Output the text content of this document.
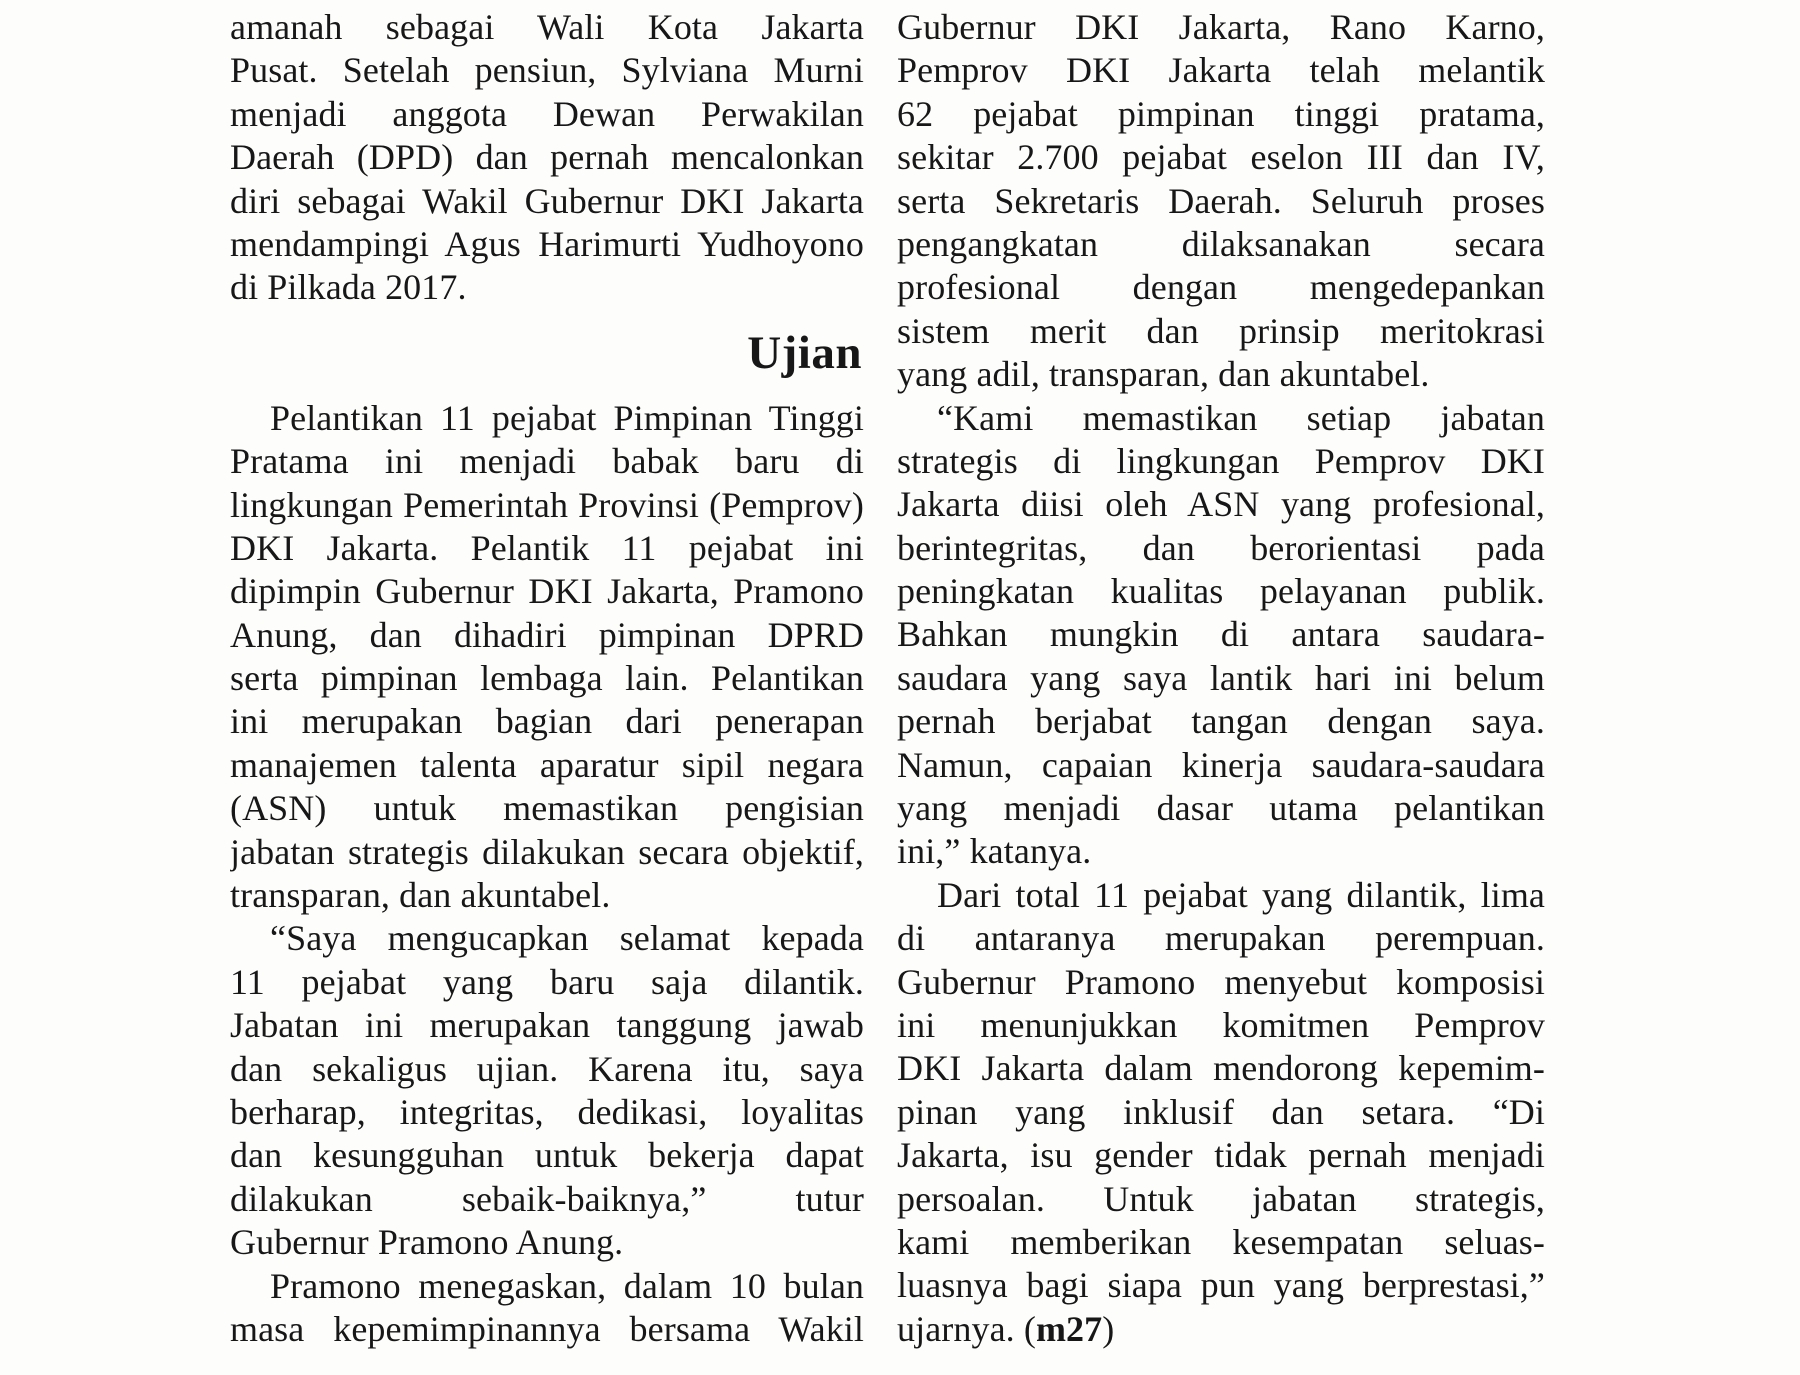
amanah sebagai Wali Kota Jakarta
Pusat. Setelah pensiun, Sylviana Murni
menjadi anggota Dewan Perwakilan
Daerah (DPD) dan pernah mencalonkan
diri sebagai Wakil Gubernur DKI Jakarta
mendampingi Agus Harimurti Yudhoyono
di Pilkada 2017.
Ujian
Pelantikan 11 pejabat Pimpinan Tinggi
Pratama ini menjadi babak baru di
lingkungan Pemerintah Provinsi (Pemprov)
DKI Jakarta. Pelantik 11 pejabat ini
dipimpin Gubernur DKI Jakarta, Pramono
Anung, dan dihadiri pimpinan DPRD
serta pimpinan lembaga lain. Pelantikan
ini merupakan bagian dari penerapan
manajemen talenta aparatur sipil negara
(ASN) untuk memastikan pengisian
jabatan strategis dilakukan secara objektif,
transparan, dan akuntabel.
“Saya mengucapkan selamat kepada
11 pejabat yang baru saja dilantik.
Jabatan ini merupakan tanggung jawab
dan sekaligus ujian. Karena itu, saya
berharap, integritas, dedikasi, loyalitas
dan kesungguhan untuk bekerja dapat
dilakukan sebaik-baiknya,” tutur
Gubernur Pramono Anung.
Pramono menegaskan, dalam 10 bulan
masa kepemimpinannya bersama Wakil
Gubernur DKI Jakarta, Rano Karno,
Pemprov DKI Jakarta telah melantik
62 pejabat pimpinan tinggi pratama,
sekitar 2.700 pejabat eselon III dan IV,
serta Sekretaris Daerah. Seluruh proses
pengangkatan dilaksanakan secara
profesional dengan mengedepankan
sistem merit dan prinsip meritokrasi
yang adil, transparan, dan akuntabel.
“Kami memastikan setiap jabatan
strategis di lingkungan Pemprov DKI
Jakarta diisi oleh ASN yang profesional,
berintegritas, dan berorientasi pada
peningkatan kualitas pelayanan publik.
Bahkan mungkin di antara saudara-
saudara yang saya lantik hari ini belum
pernah berjabat tangan dengan saya.
Namun, capaian kinerja saudara-saudara
yang menjadi dasar utama pelantikan
ini,” katanya.
Dari total 11 pejabat yang dilantik, lima
di antaranya merupakan perempuan.
Gubernur Pramono menyebut komposisi
ini menunjukkan komitmen Pemprov
DKI Jakarta dalam mendorong kepemim-
pinan yang inklusif dan setara. “Di
Jakarta, isu gender tidak pernah menjadi
persoalan. Untuk jabatan strategis,
kami memberikan kesempatan seluas-
luasnya bagi siapa pun yang berprestasi,”
ujarnya. (m27)
